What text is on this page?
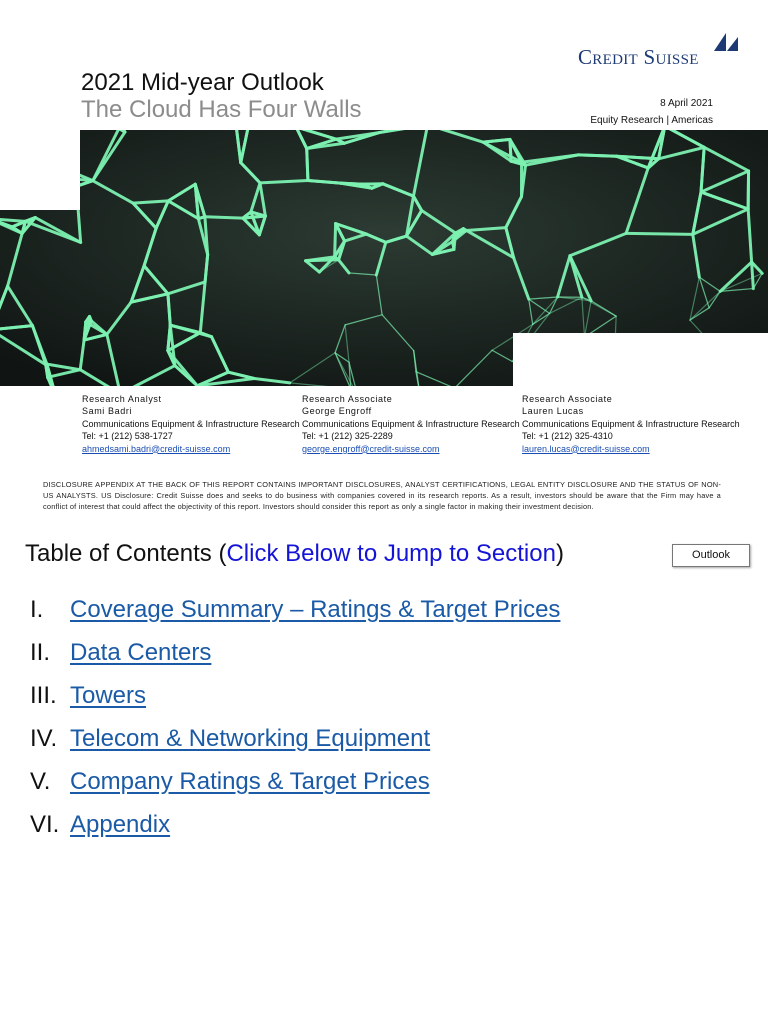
Credit Suisse
2021 Mid-year Outlook
The Cloud Has Four Walls	8 April 2021
Equity Research | Americas
Research Analyst
Sami Badri
Communications Equipment & Infrastructure Research
Tel: +1 (212) 538-1727
ahmedsami.badri@credit-suisse.com
Research Associate
George Engroff
Communications Equipment & Infrastructure Research
Tel: +1 (212) 325-2289
george.engroff@credit-suisse.com
Research Associate
Lauren Lucas
Communications Equipment & Infrastructure Research
Tel: +1 (212) 325-4310
lauren.lucas@credit-suisse.com
DISCLOSURE APPENDIX AT THE BACK OF THIS REPORT CONTAINS IMPORTANT DISCLOSURES, ANALYST CERTIFICATIONS, LEGAL ENTITY DISCLOSURE AND THE STATUS OF NON-US ANALYSTS. US Disclosure: Credit Suisse does and seeks to do business with companies covered in its research reports. As a result, investors should be aware that the Firm may have a conflict of interest that could affect the objectivity of this report. Investors should consider this report as only a single factor in making their investment decision.
Table of Contents (Click Below to Jump to Section)	Outlook
I.	Coverage Summary – Ratings & Target Prices
II. Data Centers
III. Towers
IV. Telecom & Networking Equipment
V. Company Ratings & Target Prices
VI. Appendix
